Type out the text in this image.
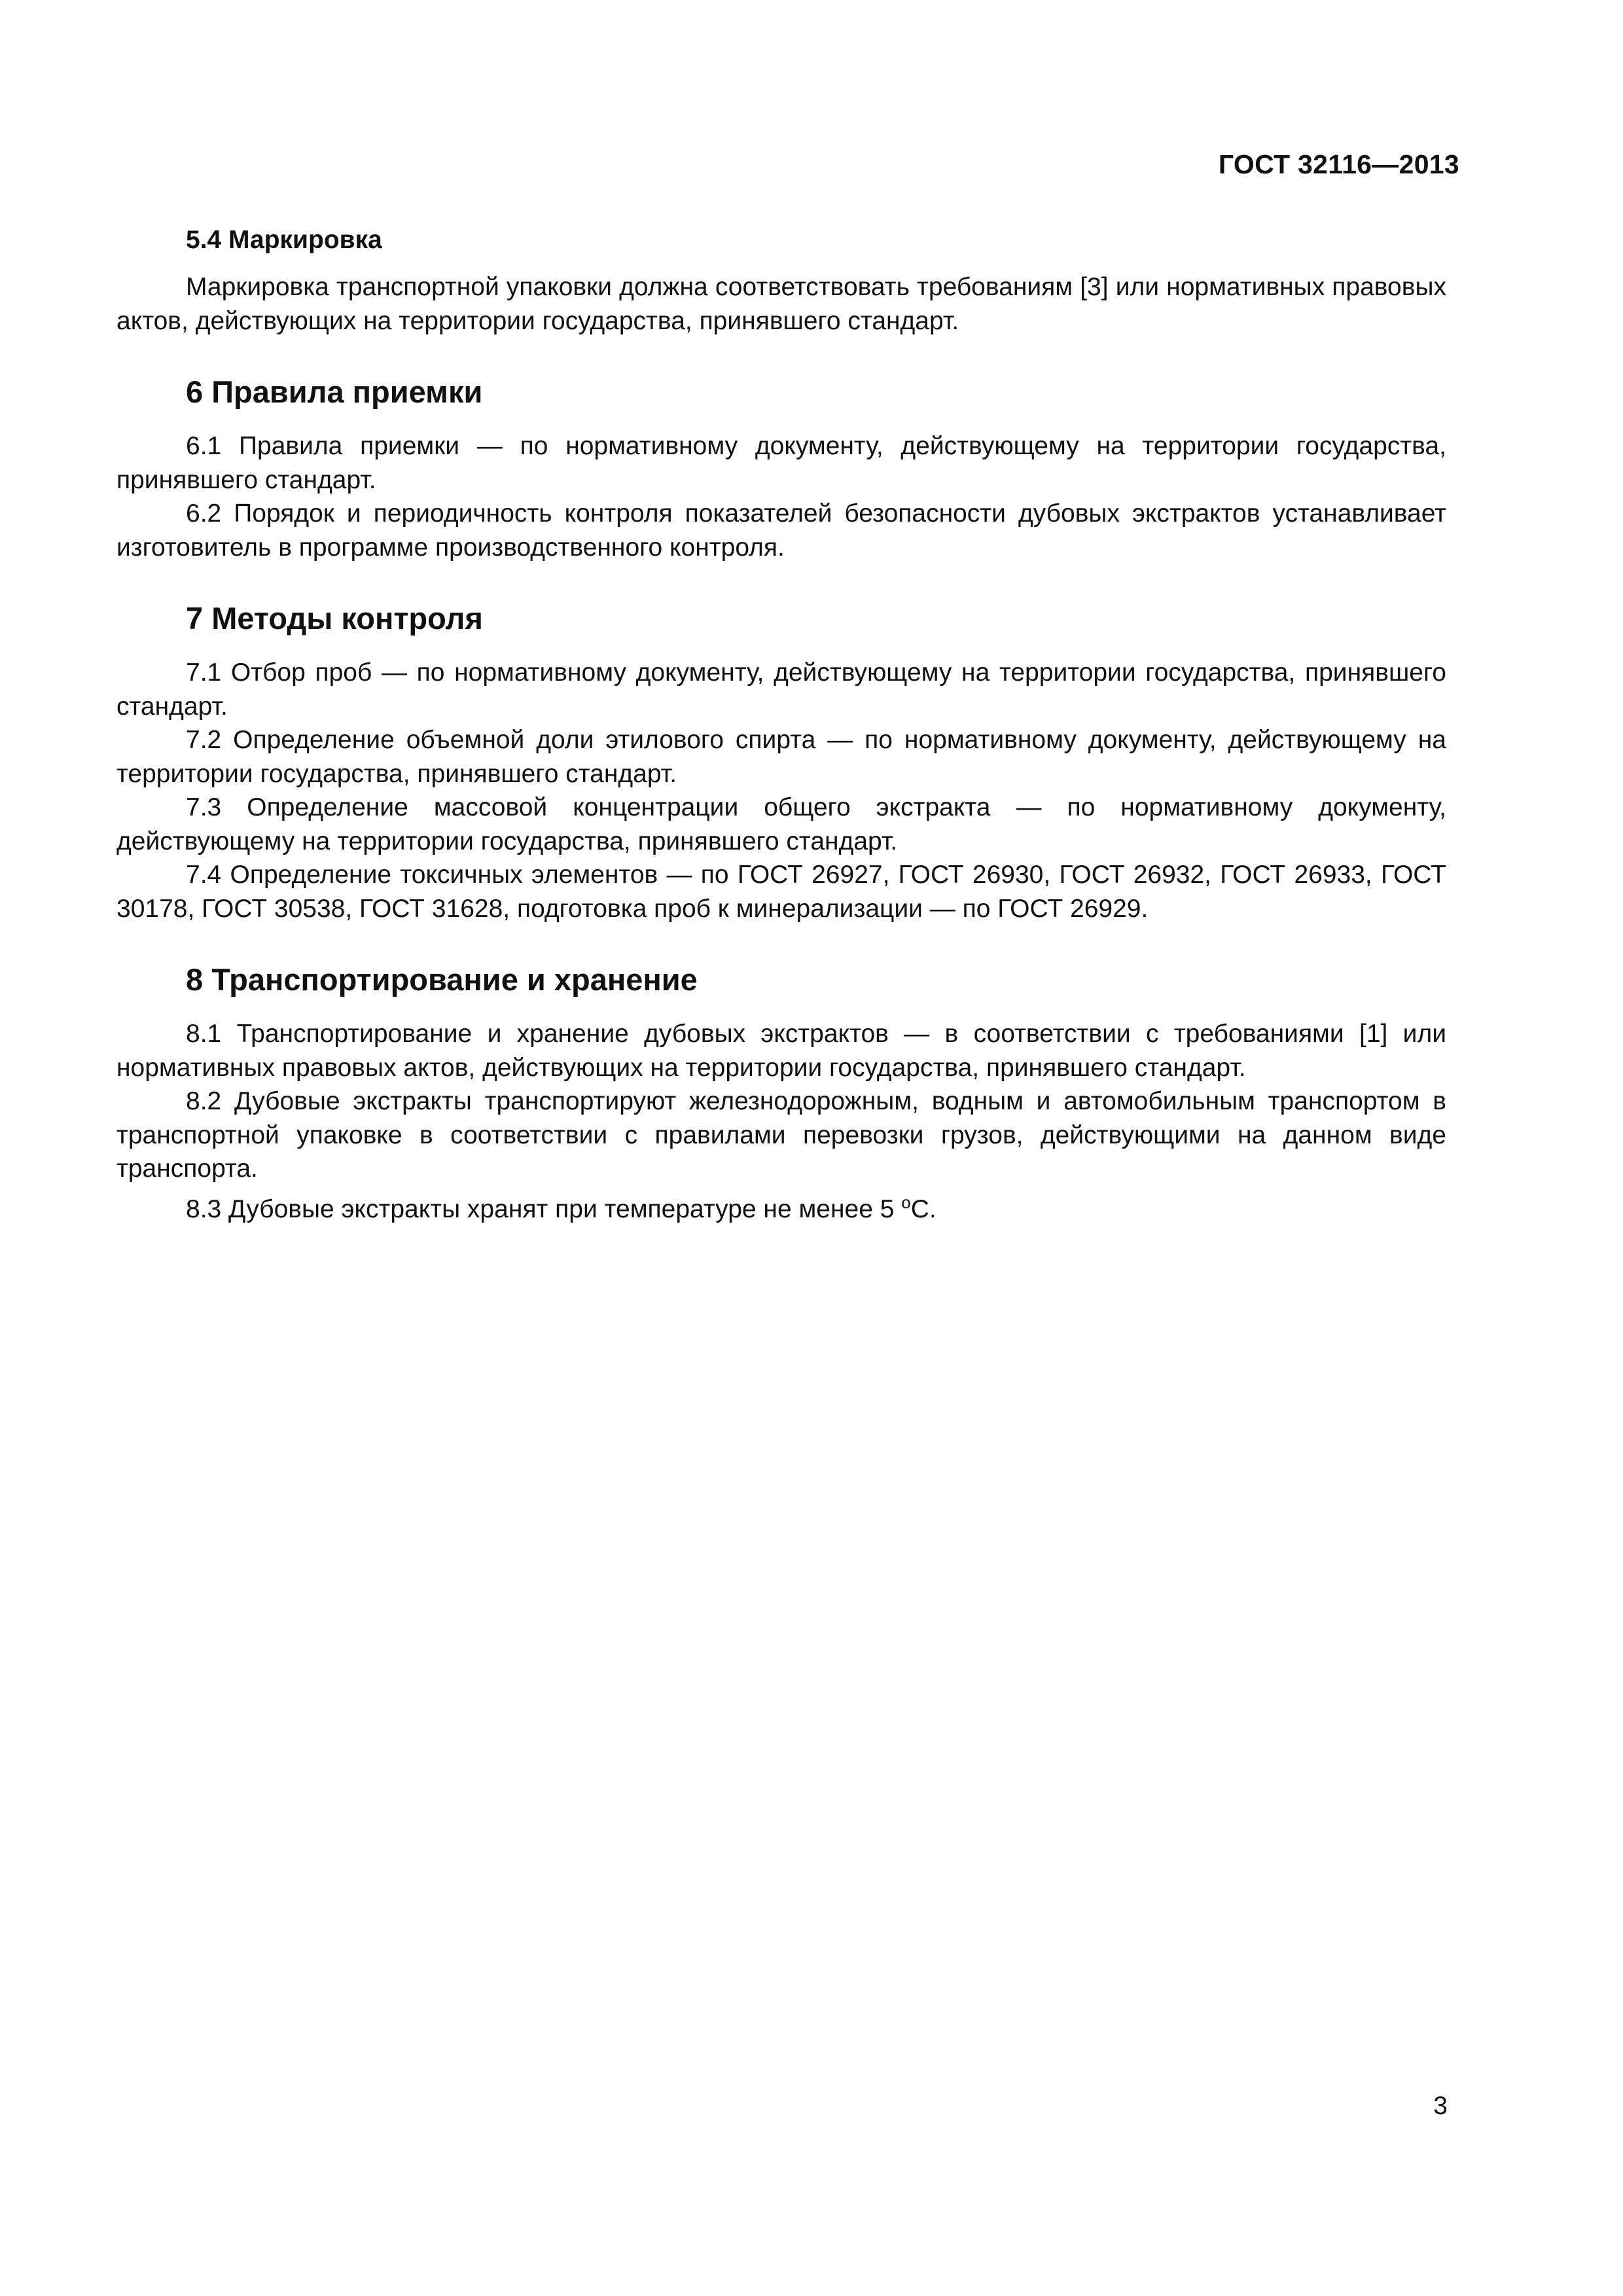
ГОСТ 32116—2013
5.4 Маркировка

Маркировка транспортной упаковки должна соответствовать требованиям [3] или нормативных правовых актов, действующих на территории государства, принявшего стандарт.

6 Правила приемки

6.1 Правила приемки — по нормативному документу, действующему на территории государства, принявшего стандарт.

6.2 Порядок и периодичность контроля показателей безопасности дубовых экстрактов устанавливает изготовитель в программе производственного контроля.

7 Методы контроля

7.1 Отбор проб — по нормативному документу, действующему на территории государства, принявшего стандарт.

7.2 Определение объемной доли этилового спирта — по нормативному документу, действующему на территории государства, принявшего стандарт.

7.3 Определение массовой концентрации общего экстракта — по нормативному документу, действующему на территории государства, принявшего стандарт.

7.4 Определение токсичных элементов — по ГОСТ 26927, ГОСТ 26930, ГОСТ 26932, ГОСТ 26933, ГОСТ 30178, ГОСТ 30538, ГОСТ 31628, подготовка проб к минерализации — по ГОСТ 26929.

8 Транспортирование и хранение

8.1 Транспортирование и хранение дубовых экстрактов — в соответствии с требованиями [1] или нормативных правовых актов, действующих на территории государства, принявшего стандарт.

8.2 Дубовые экстракты транспортируют железнодорожным, водным и автомобильным транспортом в транспортной упаковке в соответствии с правилами перевозки грузов, действующими на данном виде транспорта.

8.3 Дубовые экстракты хранят при температуре не менее 5 $^о$С.

3
